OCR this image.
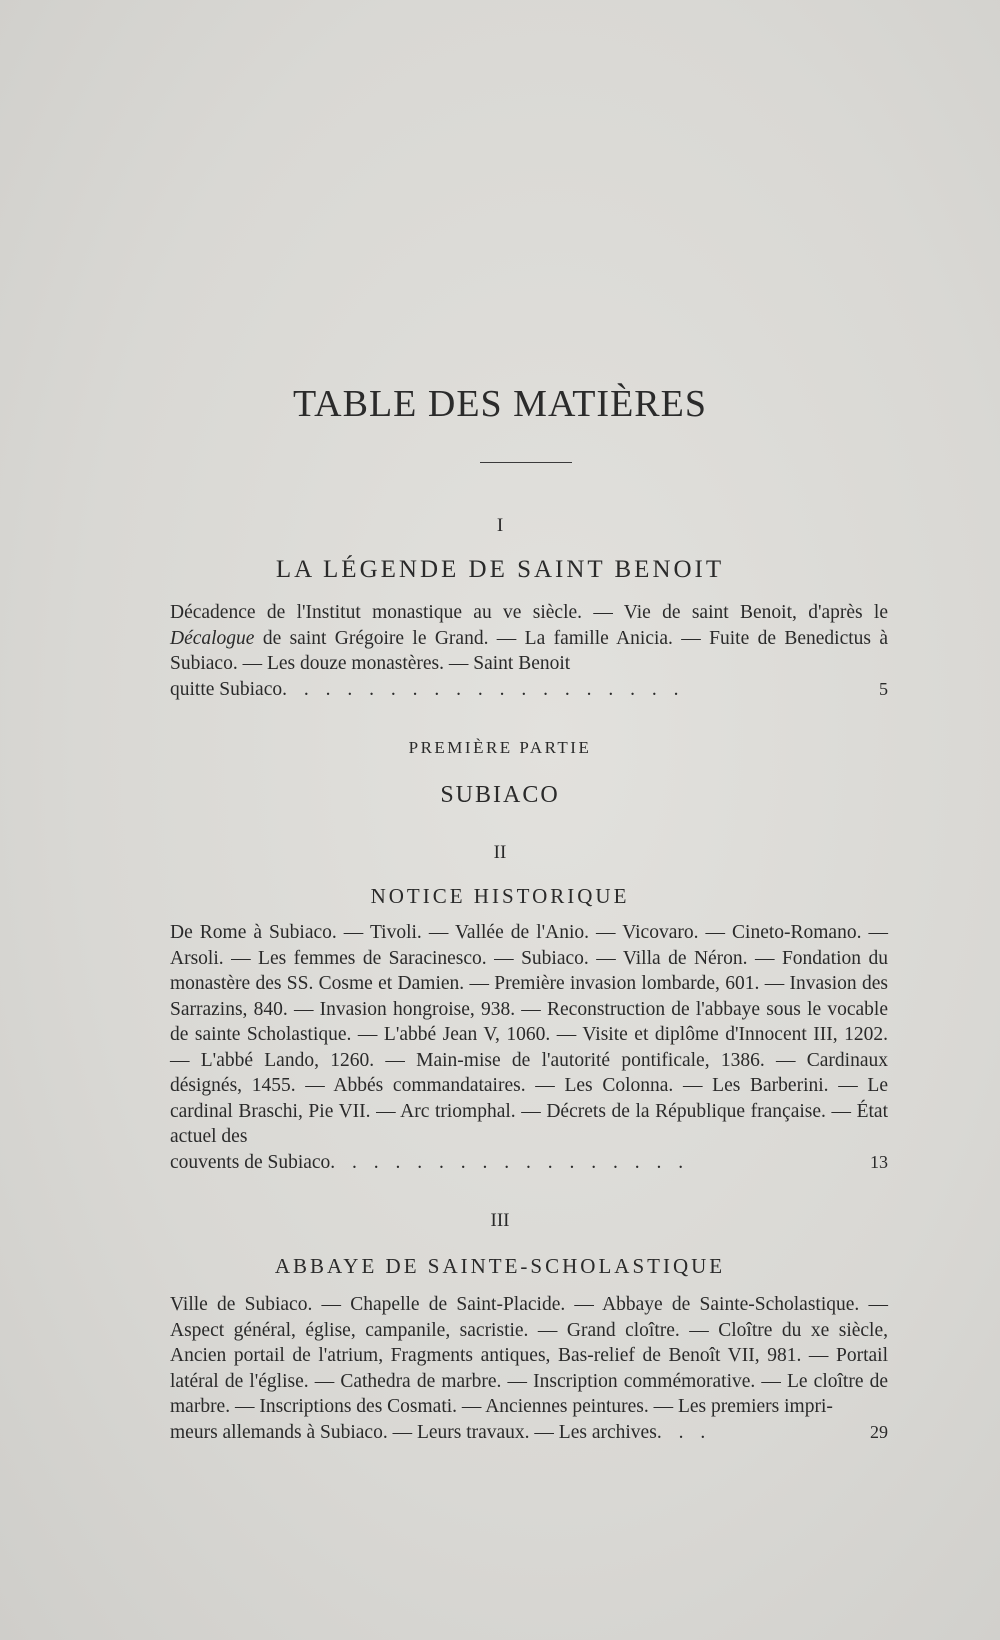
TABLE DES MATIÈRES
I
LA LÉGENDE DE SAINT BENOIT
Décadence de l'Institut monastique au ve siècle. — Vie de saint Benoit, d'après le Décalogue de saint Grégoire le Grand. — La famille Anicia. — Fuite de Benedictus à Subiaco. — Les douze monastères. — Saint Benoit
quitte Subiaco. . . . . . . . . . . . . . . . . . .	5
PREMIÈRE PARTIE
SUBIACO
II
NOTICE HISTORIQUE
De Rome à Subiaco. — Tivoli. — Vallée de l'Anio. — Vicovaro. — Cineto-Romano. — Arsoli. — Les femmes de Saracinesco. — Subiaco. — Villa de Néron. — Fondation du monastère des SS. Cosme et Damien. — Première invasion lombarde, 601. — Invasion des Sarrazins, 840. — Invasion hongroise, 938. — Reconstruction de l'abbaye sous le vocable de sainte Scholastique. — L'abbé Jean V, 1060. — Visite et diplôme d'Innocent III, 1202. — L'abbé Lando, 1260. — Main-mise de l'autorité pontificale, 1386. — Cardinaux désignés, 1455. — Abbés commandataires. — Les Colonna. — Les Barberini. — Le cardinal Braschi, Pie VII. — Arc triomphal. — Décrets de la République française. — État actuel des
couvents de Subiaco. . . . . . . . . . . . . . . . .	13
III
ABBAYE DE SAINTE-SCHOLASTIQUE
Ville de Subiaco. — Chapelle de Saint-Placide. — Abbaye de Sainte-Scholastique. — Aspect général, église, campanile, sacristie. — Grand cloître. — Cloître du xe siècle, Ancien portail de l'atrium, Fragments antiques, Bas-relief de Benoît VII, 981. — Portail latéral de l'église. — Cathedra de marbre. — Inscription commémorative. — Le cloître de marbre. — Inscriptions des Cosmati. — Anciennes peintures. — Les premiers impri-
meurs allemands à Subiaco. — Leurs travaux. — Les archives. . .	29
